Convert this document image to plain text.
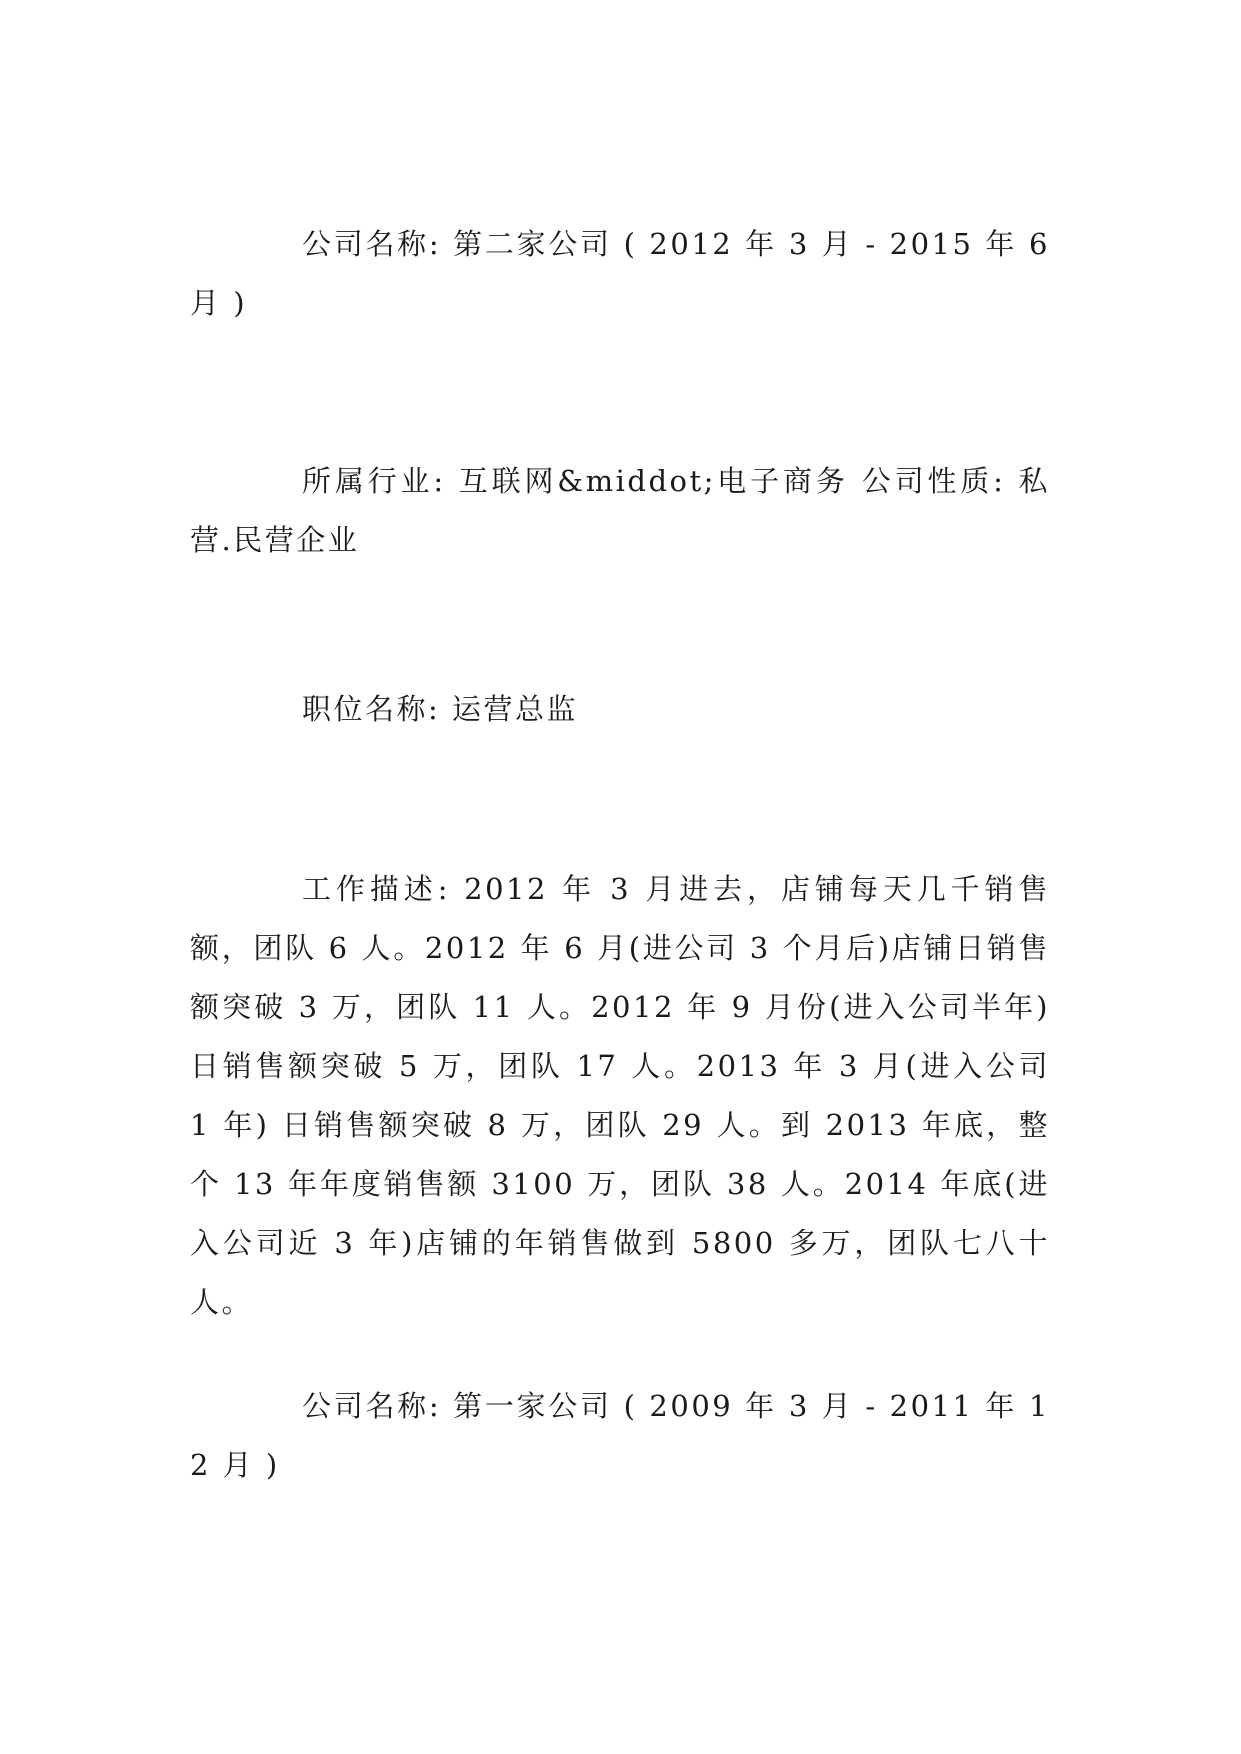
公司名称: 第二家公司 ( 2012 年 3 月 - 2015 年 6 月 )

所属行业: 互联网&middot;电子商务 公司性质: 私营.民营企业

职位名称: 运营总监

工作描述: 2012 年 3 月进去，店铺每天几千销售额，团队 6 人。2012 年 6 月(进公司 3 个月后)店铺日销售额突破 3 万，团队 11 人。2012 年 9 月份(进入公司半年)日销售额突破 5 万，团队 17 人。2013 年 3 月(进入公司 1 年) 日销售额突破 8 万，团队 29 人。到 2013 年底，整个 13 年年度销售额 3100 万，团队 38 人。2014 年底(进入公司近 3 年)店铺的年销售做到 5800 多万，团队七八十人。

公司名称: 第一家公司 ( 2009 年 3 月 - 2011 年 12 月 )
